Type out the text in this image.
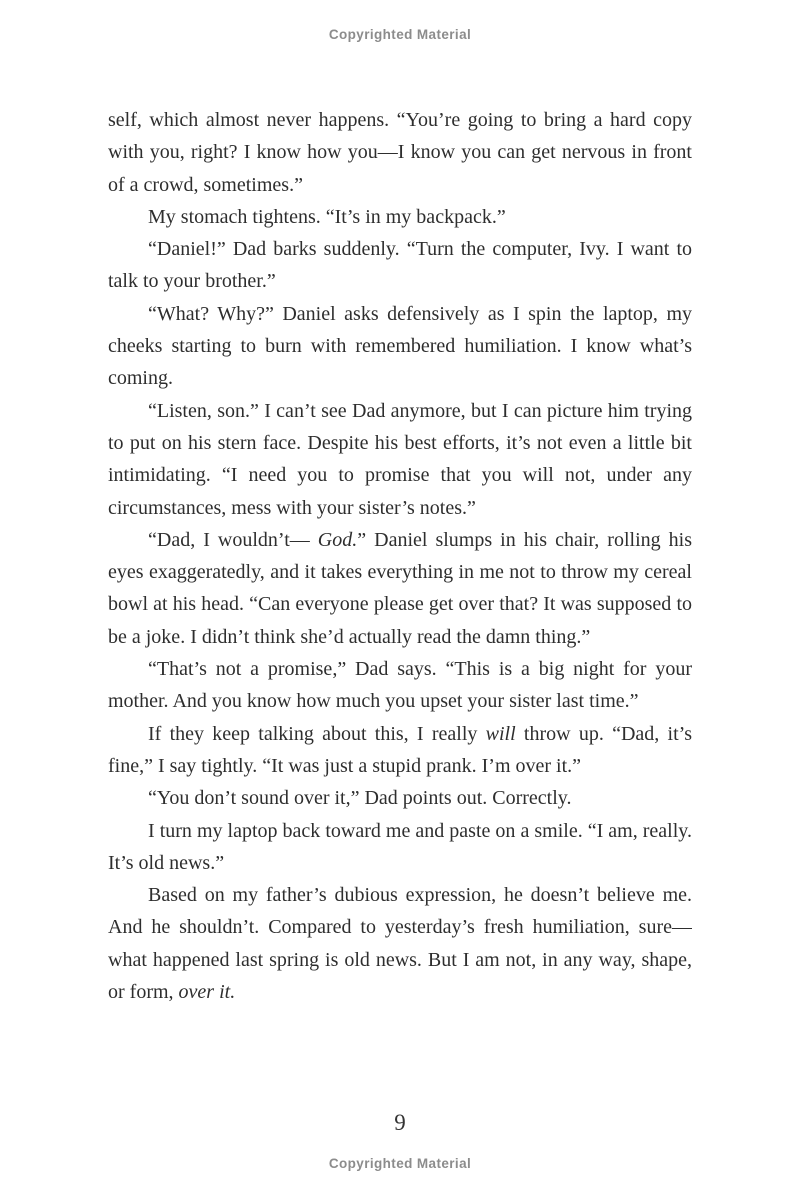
Copyrighted Material

self, which almost never happens. “You’re going to bring a hard copy with you, right? I know how you—I know you can get nervous in front of a crowd, sometimes.”

My stomach tightens. “It’s in my backpack.”

“Daniel!” Dad barks suddenly. “Turn the computer, Ivy. I want to talk to your brother.”

“What? Why?” Daniel asks defensively as I spin the laptop, my cheeks starting to burn with remembered humiliation. I know what’s coming.

“Listen, son.” I can’t see Dad anymore, but I can picture him trying to put on his stern face. Despite his best efforts, it’s not even a little bit intimidating. “I need you to promise that you will not, under any circumstances, mess with your sister’s notes.”

“Dad, I wouldn’t— God.” Daniel slumps in his chair, rolling his eyes exaggeratedly, and it takes everything in me not to throw my cereal bowl at his head. “Can everyone please get over that? It was supposed to be a joke. I didn’t think she’d actually read the damn thing.”

“That’s not a promise,” Dad says. “This is a big night for your mother. And you know how much you upset your sister last time.”

If they keep talking about this, I really will throw up. “Dad, it’s fine,” I say tightly. “It was just a stupid prank. I’m over it.”

“You don’t sound over it,” Dad points out. Correctly.

I turn my laptop back toward me and paste on a smile. “I am, really. It’s old news.”

Based on my father’s dubious expression, he doesn’t believe me. And he shouldn’t. Compared to yesterday’s fresh humiliation, sure—what happened last spring is old news. But I am not, in any way, shape, or form, over it.

9
Copyrighted Material
